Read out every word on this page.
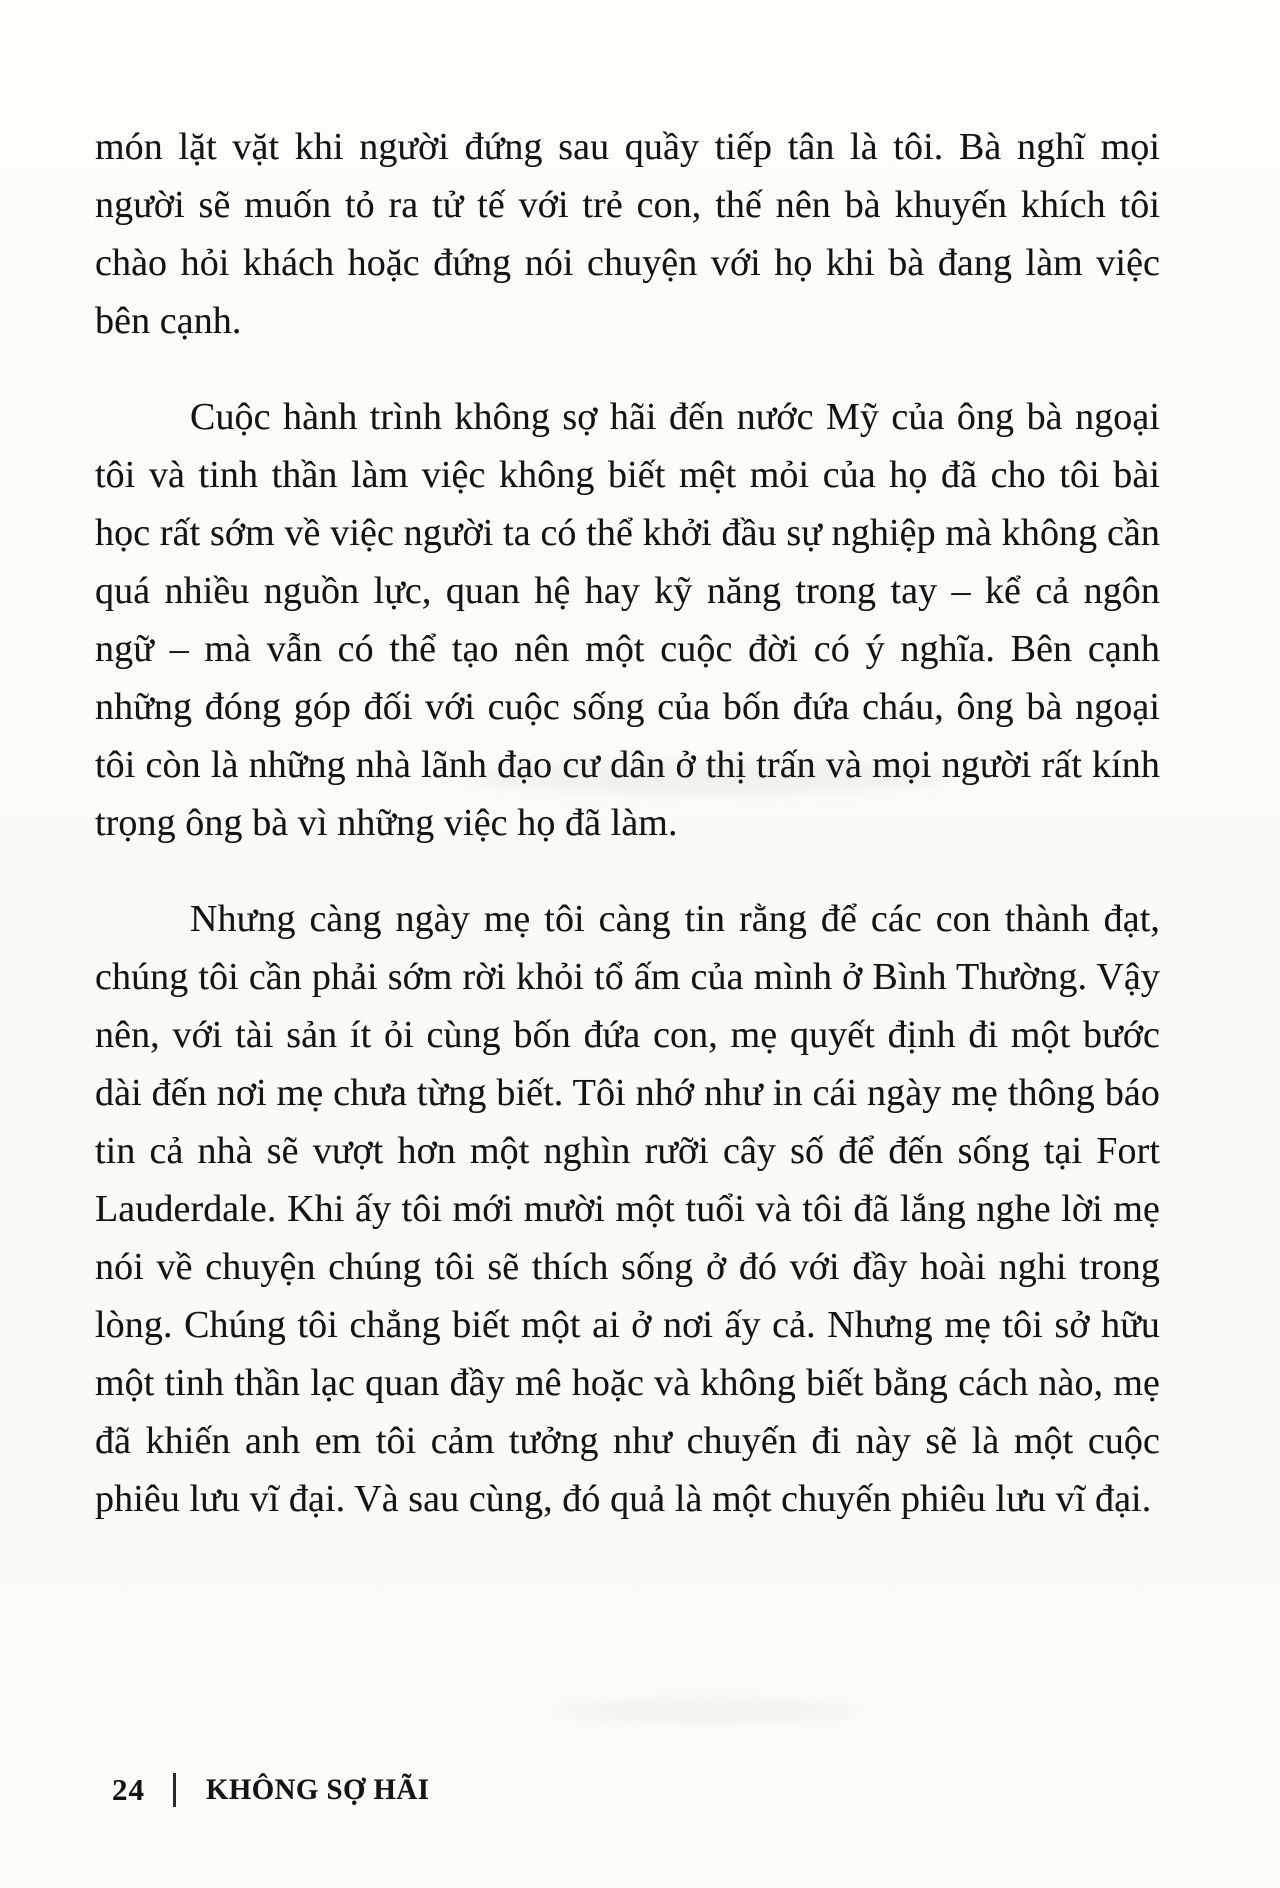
món lặt vặt khi người đứng sau quầy tiếp tân là tôi. Bà nghĩ mọi người sẽ muốn tỏ ra tử tế với trẻ con, thế nên bà khuyến khích tôi chào hỏi khách hoặc đứng nói chuyện với họ khi bà đang làm việc bên cạnh.

Cuộc hành trình không sợ hãi đến nước Mỹ của ông bà ngoại tôi và tinh thần làm việc không biết mệt mỏi của họ đã cho tôi bài học rất sớm về việc người ta có thể khởi đầu sự nghiệp mà không cần quá nhiều nguồn lực, quan hệ hay kỹ năng trong tay – kể cả ngôn ngữ – mà vẫn có thể tạo nên một cuộc đời có ý nghĩa. Bên cạnh những đóng góp đối với cuộc sống của bốn đứa cháu, ông bà ngoại tôi còn là những nhà lãnh đạo cư dân ở thị trấn và mọi người rất kính trọng ông bà vì những việc họ đã làm.

Nhưng càng ngày mẹ tôi càng tin rằng để các con thành đạt, chúng tôi cần phải sớm rời khỏi tổ ấm của mình ở Bình Thường. Vậy nên, với tài sản ít ỏi cùng bốn đứa con, mẹ quyết định đi một bước dài đến nơi mẹ chưa từng biết. Tôi nhớ như in cái ngày mẹ thông báo tin cả nhà sẽ vượt hơn một nghìn rưỡi cây số để đến sống tại Fort Lauderdale. Khi ấy tôi mới mười một tuổi và tôi đã lắng nghe lời mẹ nói về chuyện chúng tôi sẽ thích sống ở đó với đầy hoài nghi trong lòng. Chúng tôi chẳng biết một ai ở nơi ấy cả. Nhưng mẹ tôi sở hữu một tinh thần lạc quan đầy mê hoặc và không biết bằng cách nào, mẹ đã khiến anh em tôi cảm tưởng như chuyến đi này sẽ là một cuộc phiêu lưu vĩ đại. Và sau cùng, đó quả là một chuyến phiêu lưu vĩ đại.

24 KHÔNG SỢ HÃI
